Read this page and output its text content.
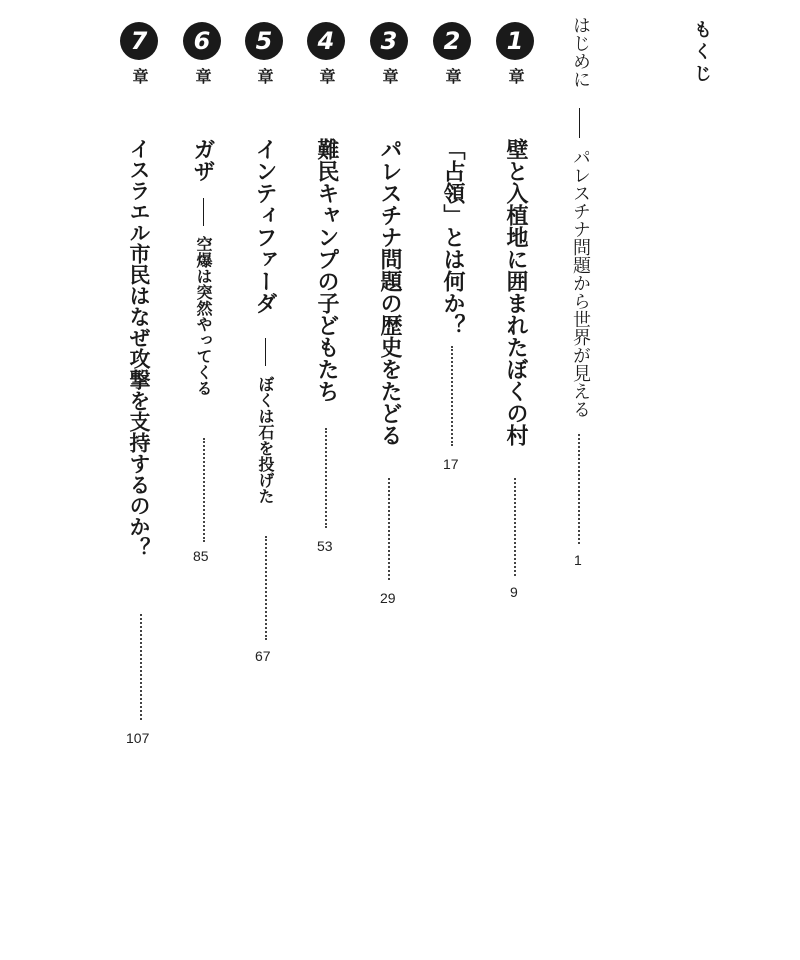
もくじ
はじめに
パレスチナ問題から世界が見える
1
1
章
壁と入植地に囲まれたぼくの村
9
2
章
「占領」とは何か？
17
3
章
パレスチナ問題の歴史をたどる
29
4
章
難民キャンプの子どもたち
53
5
章
インティファーダ
ぼくは石を投げた
67
6
章
ガザ
空爆は突然やってくる
85
7
章
イスラエル市民はなぜ攻撃を支持するのか？
107
